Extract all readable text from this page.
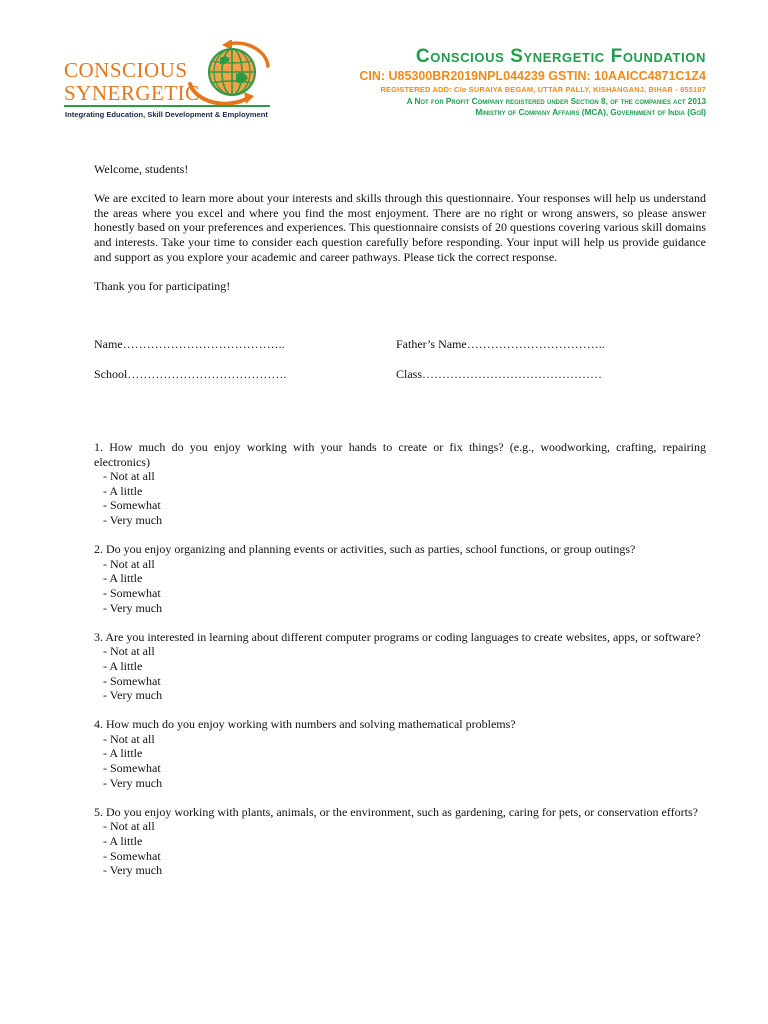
CONSCIOUS
SYNERGETIC
Integrating Education, Skill Development & Employment
Conscious Synergetic Foundation
CIN: U85300BR2019NPL044239 GSTIN: 10AAICC4871C1Z4
REGISTERED ADD: C/o SURAIYA BEGAM, UTTAR PALLY, KISHANGANJ, BIHAR - 855107
A Not for Profit Company registered under Section 8, of the companies act 2013
Ministry of Company Affairs (MCA), Government of India (GoI)

Welcome, students!

We are excited to learn more about your interests and skills through this questionnaire. Your responses will help us understand the areas where you excel and where you find the most enjoyment. There are no right or wrong answers, so please answer honestly based on your preferences and experiences. This questionnaire consists of 20 questions covering various skill domains and interests. Take your time to consider each question carefully before responding. Your input will help us provide guidance and support as you explore your academic and career pathways. Please tick the correct response.

Thank you for participating!

Name…………………………………..	Father’s Name……………………………..
School………………………………….	Class………………………………………
1. How much do you enjoy working with your hands to create or fix things? (e.g., woodworking, crafting, repairing electronics)
- Not at all
- A little
- Somewhat
- Very much
2. Do you enjoy organizing and planning events or activities, such as parties, school functions, or group outings?
- Not at all
- A little
- Somewhat
- Very much
3. Are you interested in learning about different computer programs or coding languages to create websites, apps, or software?
- Not at all
- A little
- Somewhat
- Very much
4. How much do you enjoy working with numbers and solving mathematical problems?
- Not at all
- A little
- Somewhat
- Very much
5. Do you enjoy working with plants, animals, or the environment, such as gardening, caring for pets, or conservation efforts?
- Not at all
- A little
- Somewhat
- Very much
